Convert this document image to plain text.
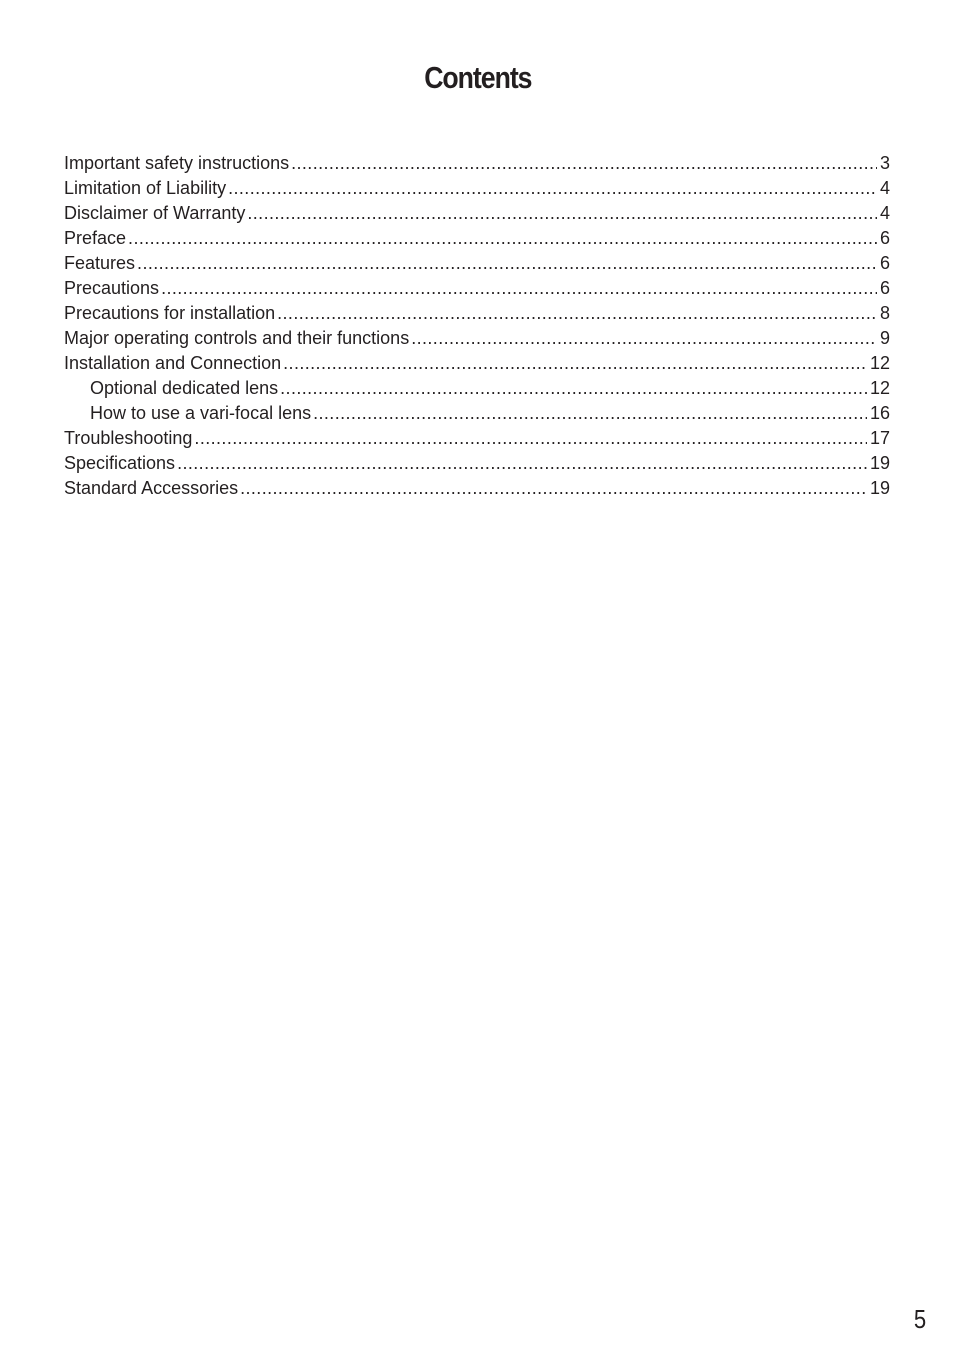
Contents
Important safety instructions .....	3
Limitation of Liability .....	4
Disclaimer of Warranty .....	4
Preface .....	6
Features .....	6
Precautions .....	6
Precautions for installation .....	8
Major operating controls and their functions .....	9
Installation and Connection .....	12
Optional dedicated lens .....	12
How to use a vari-focal lens .....	16
Troubleshooting .....	17
Specifications .....	19
Standard Accessories .....	19
5
